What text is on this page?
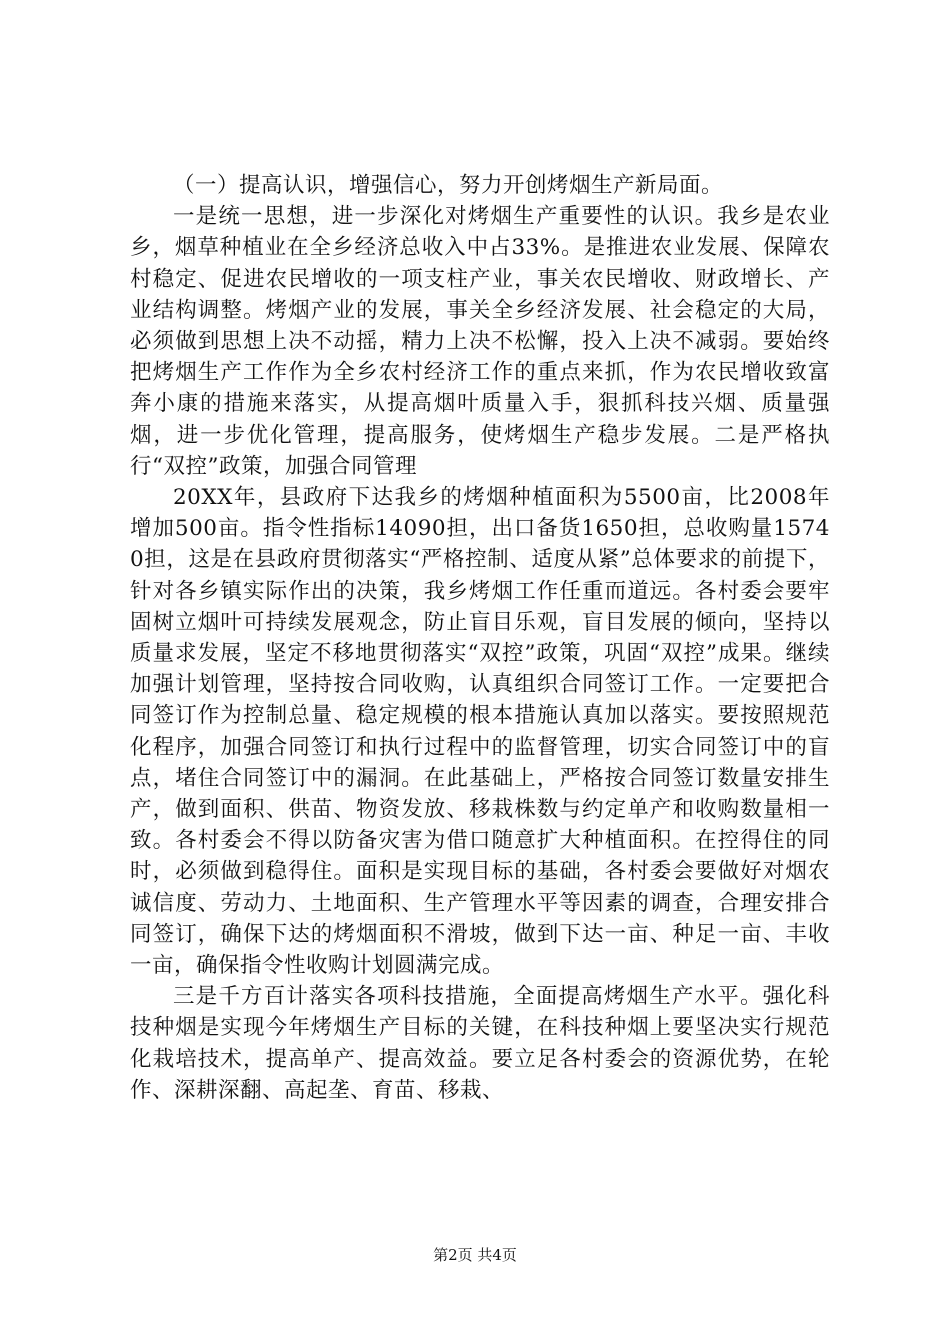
（一）提高认识，增强信心，努力开创烤烟生产新局面。

一是统一思想，进一步深化对烤烟生产重要性的认识。我乡是农业乡，烟草种植业在全乡经济总收入中占33%。是推进农业发展、保障农村稳定、促进农民增收的一项支柱产业，事关农民增收、财政增长、产业结构调整。烤烟产业的发展，事关全乡经济发展、社会稳定的大局，必须做到思想上决不动摇，精力上决不松懈，投入上决不减弱。要始终把烤烟生产工作作为全乡农村经济工作的重点来抓，作为农民增收致富奔小康的措施来落实，从提高烟叶质量入手，狠抓科技兴烟、质量强烟，进一步优化管理，提高服务，使烤烟生产稳步发展。二是严格执行“双控”政策，加强合同管理

20XX年，县政府下达我乡的烤烟种植面积为5500亩，比2008年增加500亩。指令性指标14090担，出口备货1650担，总收购量15740担，这是在县政府贯彻落实“严格控制、适度从紧”总体要求的前提下，针对各乡镇实际作出的决策，我乡烤烟工作任重而道远。各村委会要牢固树立烟叶可持续发展观念，防止盲目乐观，盲目发展的倾向，坚持以质量求发展，坚定不移地贯彻落实“双控”政策，巩固“双控”成果。继续加强计划管理，坚持按合同收购，认真组织合同签订工作。一定要把合同签订作为控制总量、稳定规模的根本措施认真加以落实。要按照规范化程序，加强合同签订和执行过程中的监督管理，切实合同签订中的盲点，堵住合同签订中的漏洞。在此基础上，严格按合同签订数量安排生产，做到面积、供苗、物资发放、移栽株数与约定单产和收购数量相一致。各村委会不得以防备灾害为借口随意扩大种植面积。在控得住的同时，必须做到稳得住。面积是实现目标的基础，各村委会要做好对烟农诚信度、劳动力、土地面积、生产管理水平等因素的调查，合理安排合同签订，确保下达的烤烟面积不滑坡，做到下达一亩、种足一亩、丰收一亩，确保指令性收购计划圆满完成。

三是千方百计落实各项科技措施，全面提高烤烟生产水平。强化科技种烟是实现今年烤烟生产目标的关键，在科技种烟上要坚决实行规范化栽培技术，提高单产、提高效益。要立足各村委会的资源优势，在轮作、深耕深翻、高起垄、育苗、移栽、

第2页 共4页
